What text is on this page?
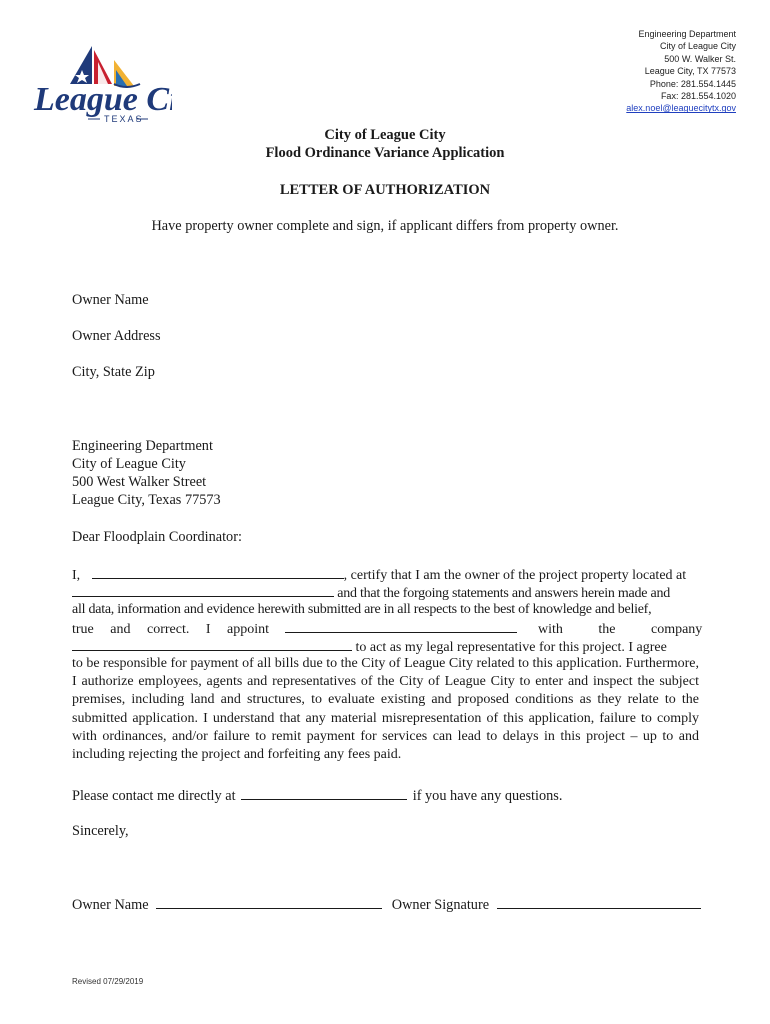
League C
TEXAS
Engineering Department
City of League City
500 W. Walker St.
League City, TX 77573
Phone: 281.554.1445
Fax: 281.554.1020
alex.noel@leaguecitytx.gov
City of League City
Flood Ordinance Variance Application
LETTER OF AUTHORIZATION
Have property owner complete and sign, if applicant differs from property owner.
Owner Name
Owner Address
City, State Zip
Engineering Department
City of League City
500 West Walker Street
League City, Texas 77573
Dear Floodplain Coordinator:
I,	, certify that I am the owner of the project property located at
and that the forgoing statements and answers herein made and
all data, information and evidence herewith submitted are in all respects to the best of knowledge and belief,
true and correct. I appoint	with the company
to act as my legal representative for this project. I agree
to be responsible for payment of all bills due to the City of League City related to this application. Furthermore, I authorize employees, agents and representatives of the City of League City to enter and inspect the subject premises, including land and structures, to evaluate existing and proposed conditions as they relate to the submitted application. I understand that any material misrepresentation of this application, failure to comply with ordinances, and/or failure to remit payment for services can lead to delays in this project – up to and including rejecting the project and forfeiting any fees paid.
Please contact me directly at	if you have any questions.
Sincerely,
Owner Name	Owner Signature
Revised 07/29/2019
